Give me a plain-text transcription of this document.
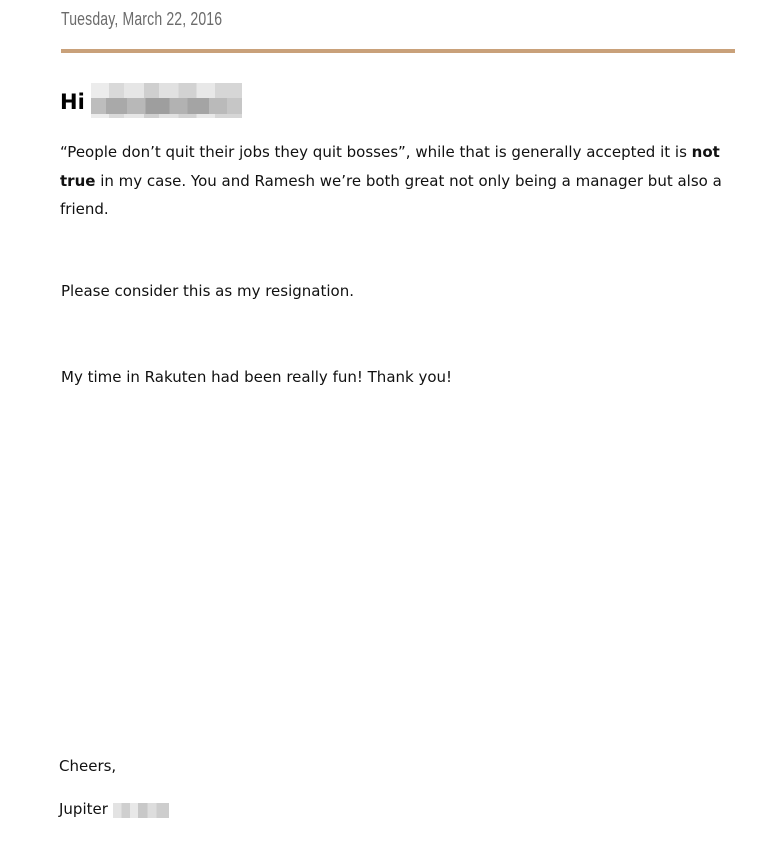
Tuesday, March 22, 2016
Hi

“People don’t quit their jobs they quit bosses”, while that is generally accepted it is not true in my case. You and Ramesh we’re both great not only being a manager but also a friend.

Please consider this as my resignation.

My time in Rakuten had been really fun! Thank you!

Cheers,

Jupiter
